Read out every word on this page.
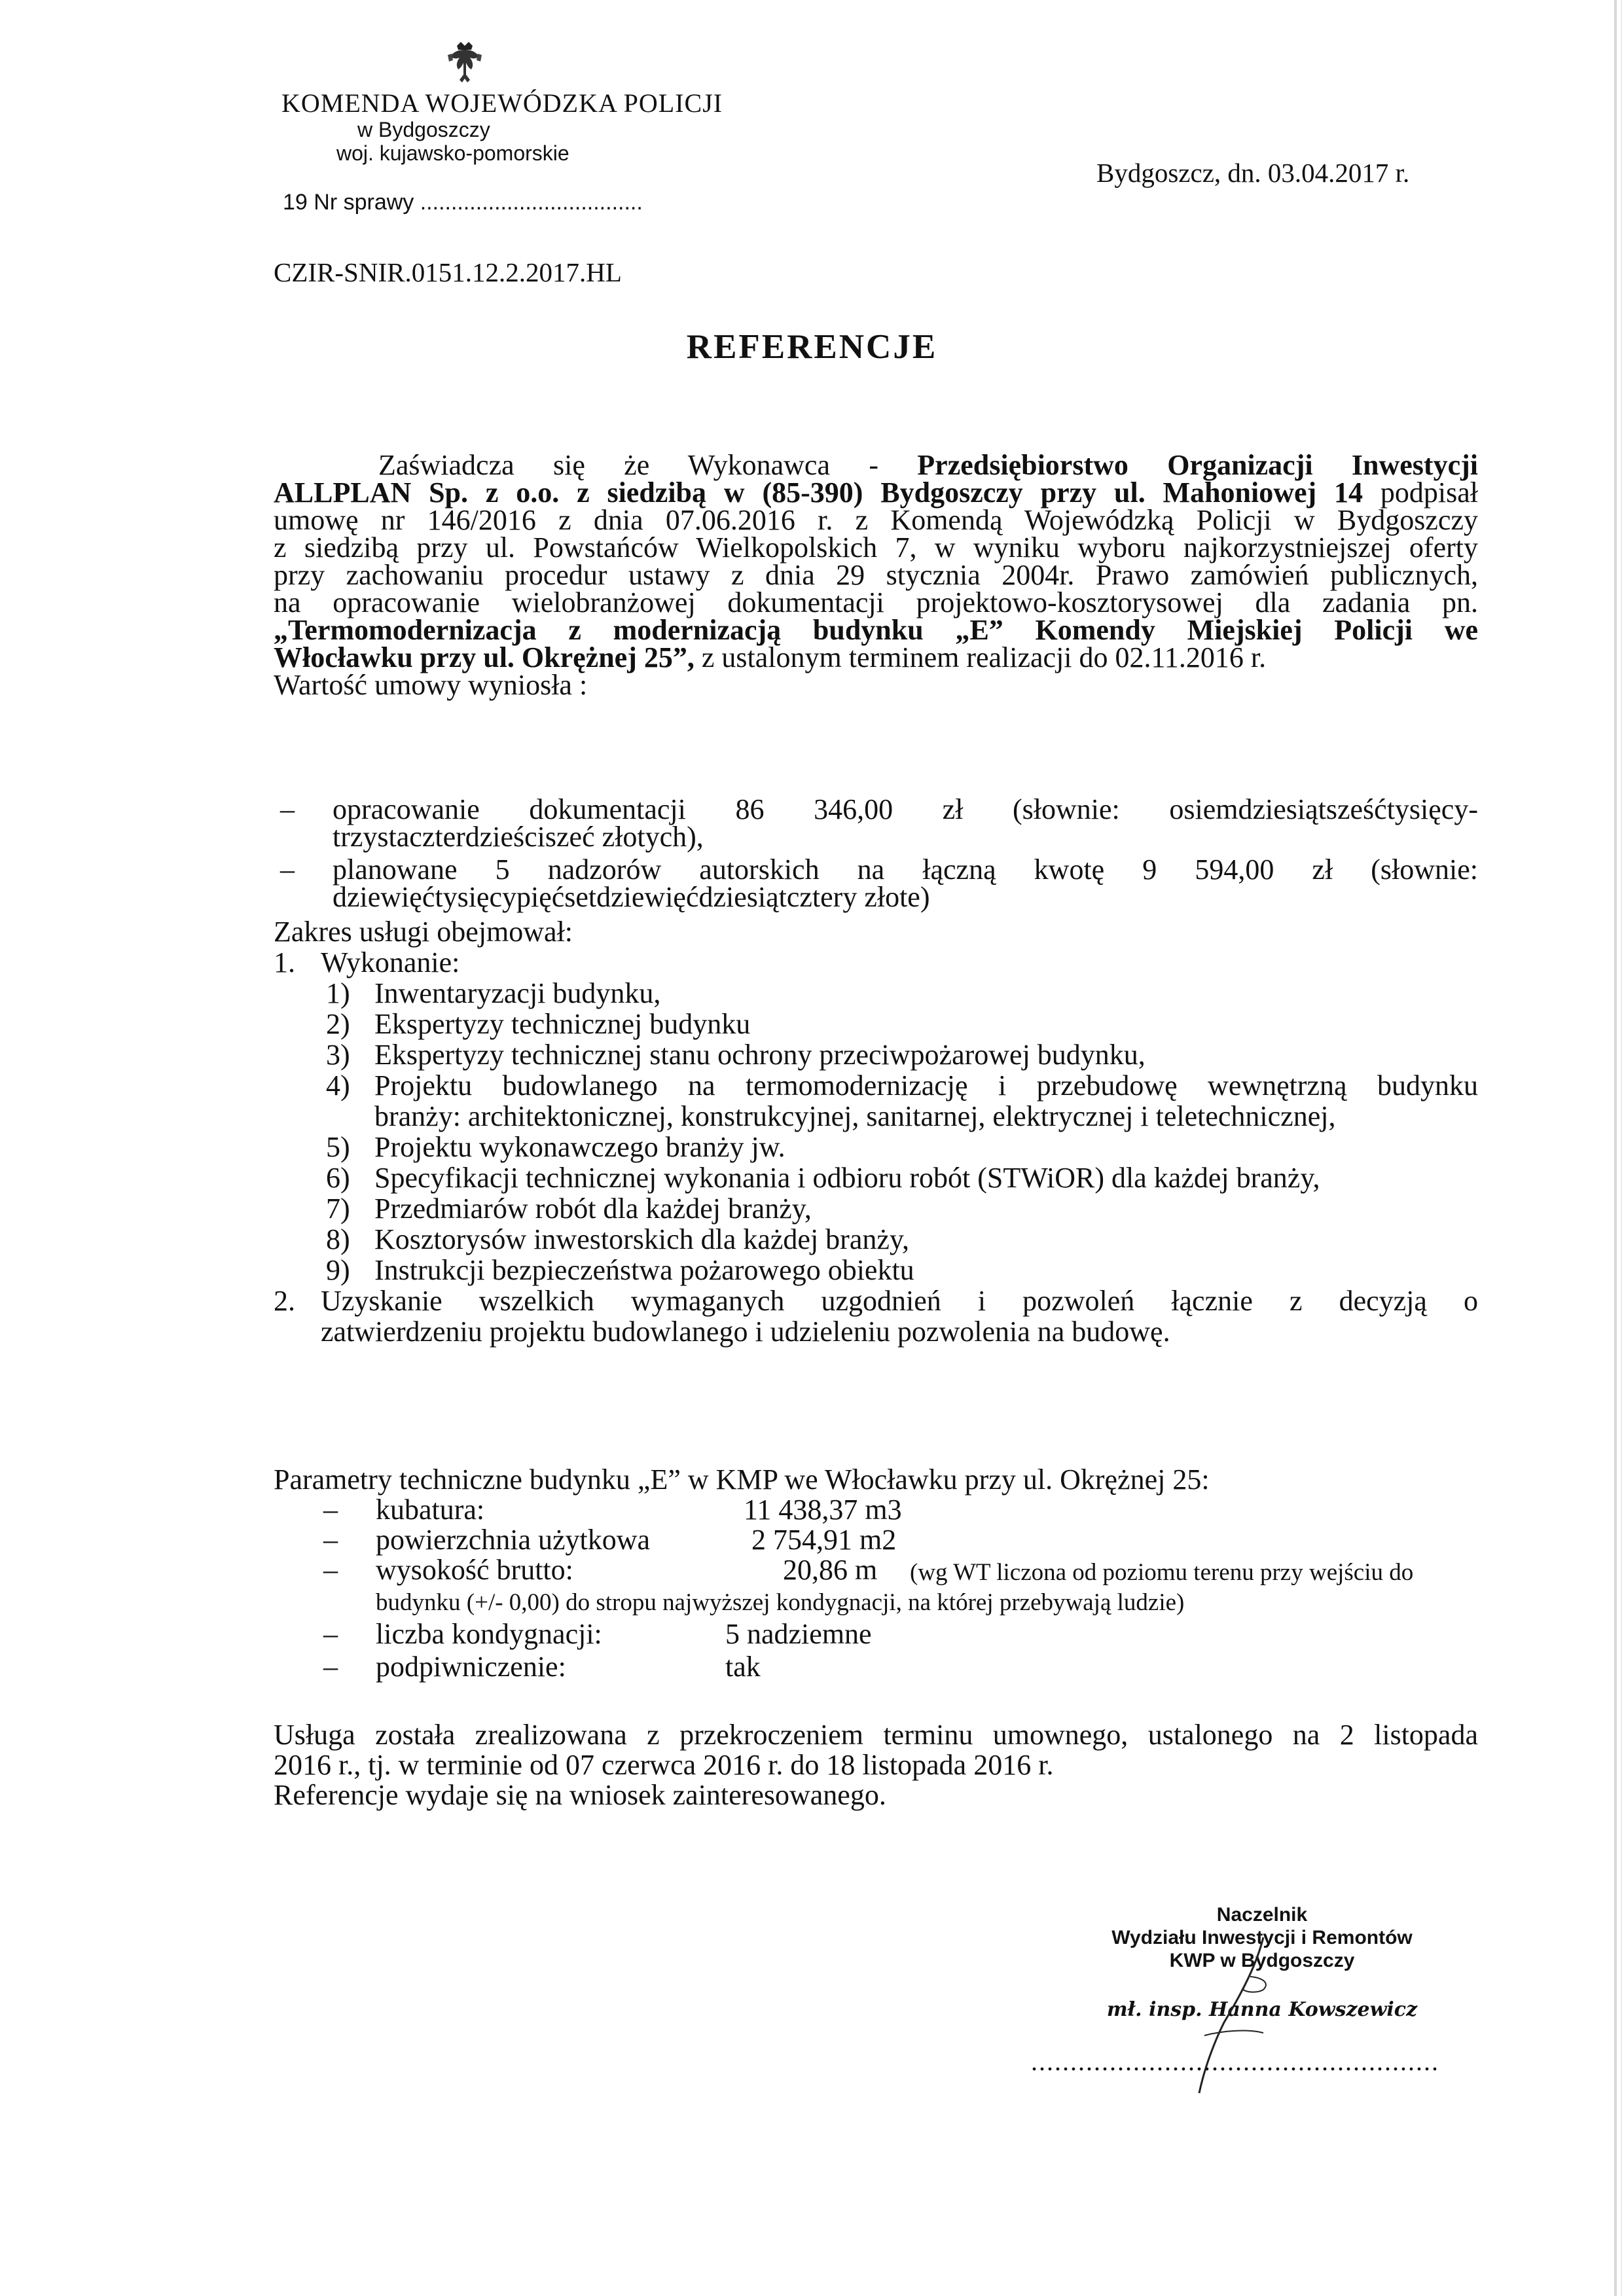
KOMENDA WOJEWÓDZKA POLICJI
w Bydgoszczy
woj. kujawsko-pomorskie
19 Nr sprawy ....................................
Bydgoszcz, dn. 03.04.2017 r.
CZIR-SNIR.0151.12.2.2017.HL
REFERENCJE
Zaświadcza się że Wykonawca - Przedsiębiorstwo Organizacji Inwestycji
ALLPLAN Sp. z o.o. z siedzibą w (85-390) Bydgoszczy przy ul. Mahoniowej 14 podpisał
umowę nr 146/2016 z dnia 07.06.2016 r. z Komendą Wojewódzką Policji w Bydgoszczy
z siedzibą przy ul. Powstańców Wielkopolskich 7, w wyniku wyboru najkorzystniejszej oferty
przy zachowaniu procedur ustawy z dnia 29 stycznia 2004r. Prawo zamówień publicznych,
na opracowanie wielobranżowej dokumentacji projektowo-kosztorysowej dla zadania pn.
„Termomodernizacja z modernizacją budynku „E” Komendy Miejskiej Policji we
Włocławku przy ul. Okrężnej 25”, z ustalonym terminem realizacji do 02.11.2016 r.
Wartość umowy wyniosła :
– opracowanie dokumentacji 86 346,00 zł (słownie: osiemdziesiątsześćtysięcy-
trzystaczterdzieściszeć złotych),
– planowane 5 nadzorów autorskich na łączną kwotę 9 594,00 zł (słownie:
dziewięćtysięcypięćsetdziewięćdziesiątcztery złote)
Zakres usługi obejmował:
1. Wykonanie:
1) Inwentaryzacji budynku,
2) Ekspertyzy technicznej budynku
3) Ekspertyzy technicznej stanu ochrony przeciwpożarowej budynku,
4) Projektu budowlanego na termomodernizację i przebudowę wewnętrzną budynku
branży: architektonicznej, konstrukcyjnej, sanitarnej, elektrycznej i teletechnicznej,
5) Projektu wykonawczego branży jw.
6) Specyfikacji technicznej wykonania i odbioru robót (STWiOR) dla każdej branży,
7) Przedmiarów robót dla każdej branży,
8) Kosztorysów inwestorskich dla każdej branży,
9) Instrukcji bezpieczeństwa pożarowego obiektu
2. Uzyskanie wszelkich wymaganych uzgodnień i pozwoleń łącznie z decyzją o
zatwierdzeniu projektu budowlanego i udzieleniu pozwolenia na budowę.
Parametry techniczne budynku „E” w KMP we Włocławku przy ul. Okrężnej 25:
– kubatura:	11 438,37 m3
– powierzchnia użytkowa	2 754,91 m2
– wysokość brutto:	20,86 m (wg WT liczona od poziomu terenu przy wejściu do
budynku (+/- 0,00) do stropu najwyższej kondygnacji, na której przebywają ludzie)
– liczba kondygnacji:	5 nadziemne
– podpiwniczenie:	tak
Usługa została zrealizowana z przekroczeniem terminu umownego, ustalonego na 2 listopada
2016 r., tj. w terminie od 07 czerwca 2016 r. do 18 listopada 2016 r.
Referencje wydaje się na wniosek zainteresowanego.
Naczelnik
Wydziału Inwestycji i Remontów
KWP w Bydgoszczy
mł. insp. Hanna Kowszewicz
....................................................
